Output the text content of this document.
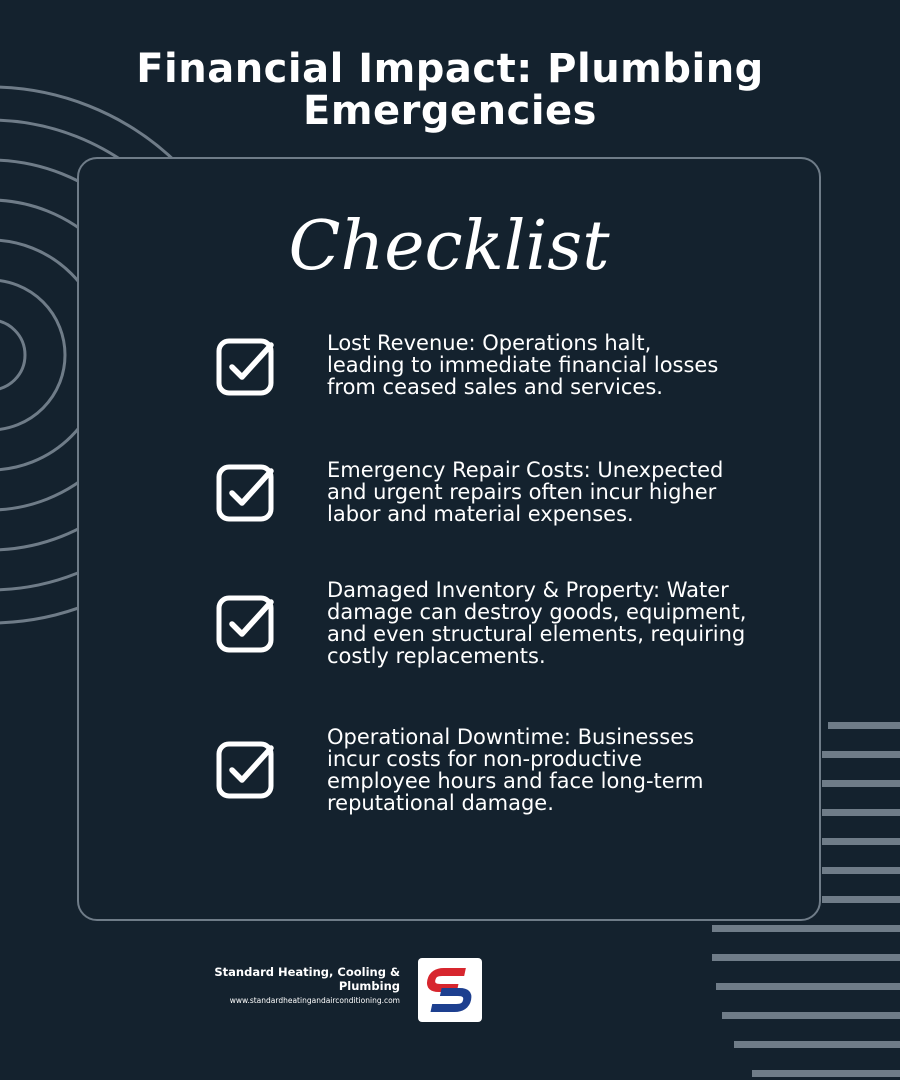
Financial Impact: Plumbing
Emergencies
Checklist
Lost Revenue: Operations halt,
leading to immediate financial losses
from ceased sales and services.
Emergency Repair Costs: Unexpected
and urgent repairs often incur higher
labor and material expenses.
Damaged Inventory & Property: Water
damage can destroy goods, equipment,
and even structural elements, requiring
costly replacements.
Operational Downtime: Businesses
incur costs for non-productive
employee hours and face long-term
reputational damage.
Standard Heating, Cooling & Plumbing
www.standardheatingandairconditioning.com
